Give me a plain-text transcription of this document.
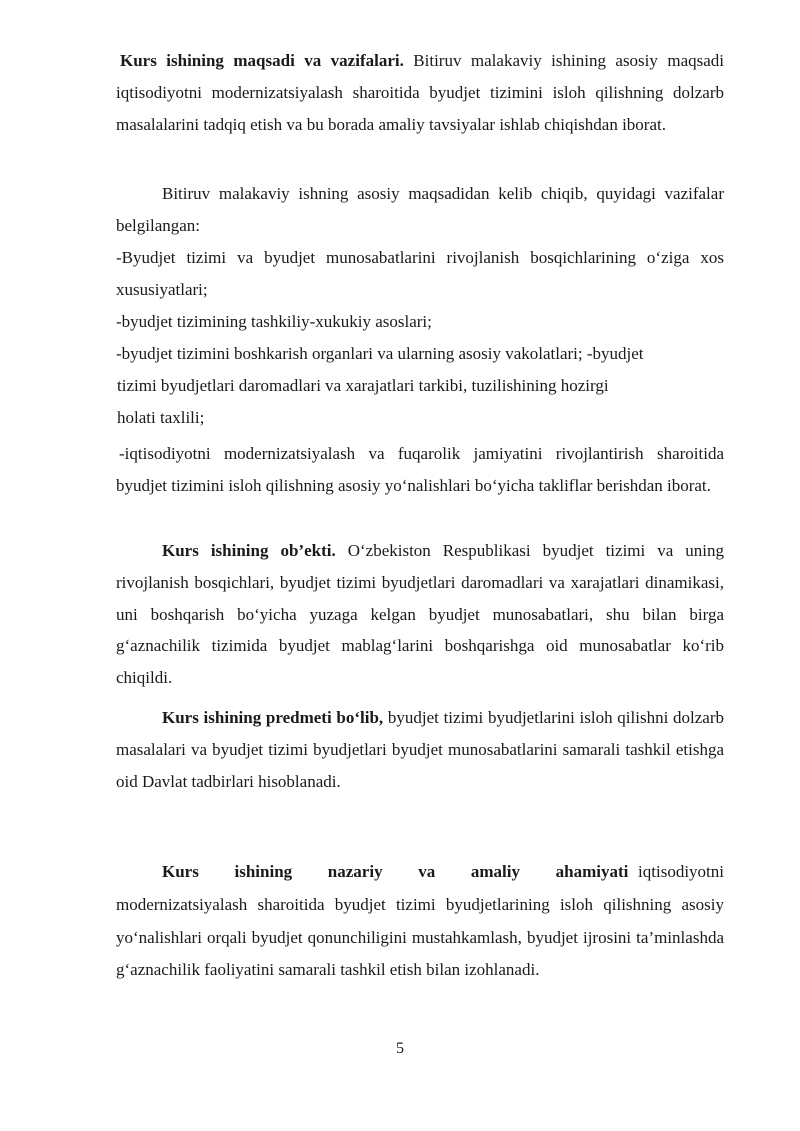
Kurs ishining maqsadi va vazifalari. Bitiruv malakaviy ishining asosiy maqsadi iqtisodiyotni modernizatsiyalash sharoitida byudjet tizimini isloh qilishning dolzarb masalalarini tadqiq etish va bu borada amaliy tavsiyalar ishlab chiqishdan iborat.

Bitiruv malakaviy ishning asosiy maqsadidan kelib chiqib, quyidagi vazifalar belgilangan:

-Byudjet tizimi va byudjet munosabatlarini rivojlanish bosqichlarining o‘ziga xos xususiyatlari;

-byudjet tizimining tashkiliy-xukukiy asoslari;

-byudjet tizimini boshkarish organlari va ularning asosiy vakolatlari; -byudjet

tizimi byudjetlari daromadlari va xarajatlari tarkibi, tuzilishining hozirgi

holati taxlili;

-iqtisodiyotni modernizatsiyalash va fuqarolik jamiyatini rivojlantirish sharoitida byudjet tizimini isloh qilishning asosiy yo‘nalishlari bo‘yicha takliflar berishdan iborat.

Kurs ishining ob’ekti. O‘zbekiston Respublikasi byudjet tizimi va uning rivojlanish bosqichlari, byudjet tizimi byudjetlari daromadlari va xarajatlari dinamikasi, uni boshqarish bo‘yicha yuzaga kelgan byudjet munosabatlari, shu bilan birga g‘aznachilik tizimida byudjet mablag‘larini boshqarishga oid munosabatlar ko‘rib chiqildi.

Kurs ishining predmeti bo‘lib, byudjet tizimi byudjetlarini isloh qilishni dolzarb masalalari va byudjet tizimi byudjetlari byudjet munosabatlarini samarali tashkil etishga oid Davlat tadbirlari hisoblanadi.

Kurs ishining nazariy va amaliy ahamiyati iqtisodiyotni modernizatsiyalash sharoitida byudjet tizimi byudjetlarining isloh qilishning asosiy yo‘nalishlari orqali byudjet qonunchiligini mustahkamlash, byudjet ijrosini ta’minlashda g‘aznachilik faoliyatini samarali tashkil etish bilan izohlanadi.

5
